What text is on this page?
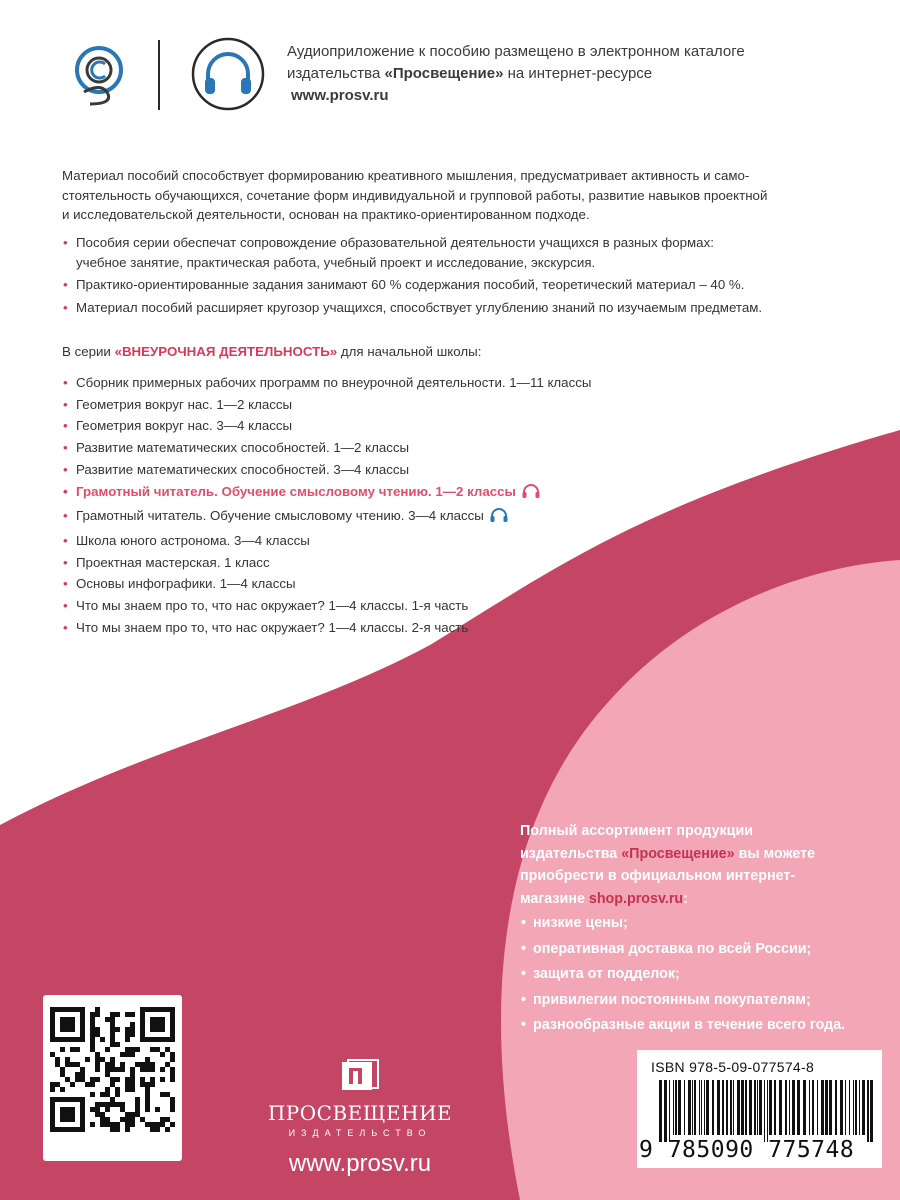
Аудиоприложение к пособию размещено в электронном каталоге
издательства «Просвещение» на интернет-ресурсе
www.prosv.ru
Материал пособий способствует формированию креативного мышления, предусматривает активность и само-
стоятельность обучающихся, сочетание форм индивидуальной и групповой работы, развитие навыков проектной
и исследовательской деятельности, основан на практико-ориентированном подходе.
• Пособия серии обеспечат сопровождение образовательной деятельности учащихся в разных формах:
учебное занятие, практическая работа, учебный проект и исследование, экскурсия.
• Практико-ориентированные задания занимают 60 % содержания пособий, теоретический материал – 40 %.
• Материал пособий расширяет кругозор учащихся, способствует углублению знаний по изучаемым предметам.
В серии «ВНЕУРОЧНАЯ ДЕЯТЕЛЬНОСТЬ» для начальной школы:
• Сборник примерных рабочих программ по внеурочной деятельности. 1—11 классы
• Геометрия вокруг нас. 1—2 классы
• Геометрия вокруг нас. 3—4 классы
• Развитие математических способностей. 1—2 классы
• Развитие математических способностей. 3—4 классы
• Грамотный читатель. Обучение смысловому чтению. 1—2 классы
• Грамотный читатель. Обучение смысловому чтению. 3—4 классы
• Школа юного астронома. 3—4 классы
• Проектная мастерская. 1 класс
• Основы инфографики. 1—4 классы
• Что мы знаем про то, что нас окружает? 1—4 классы. 1-я часть
• Что мы знаем про то, что нас окружает? 1—4 классы. 2-я часть
Полный ассортимент продукции
издательства «Просвещение» вы можете
приобрести в официальном интернет-
магазине shop.prosv.ru:
• низкие цены;
• оперативная доставка по всей России;
• защита от подделок;
• привилегии постоянным покупателям;
• разнообразные акции в течение всего года.
ПРОСВЕЩЕНИЕ
ИЗДАТЕЛЬСТВО
www.prosv.ru
ISBN 978-5-09-077574-8
9 785090 775748
